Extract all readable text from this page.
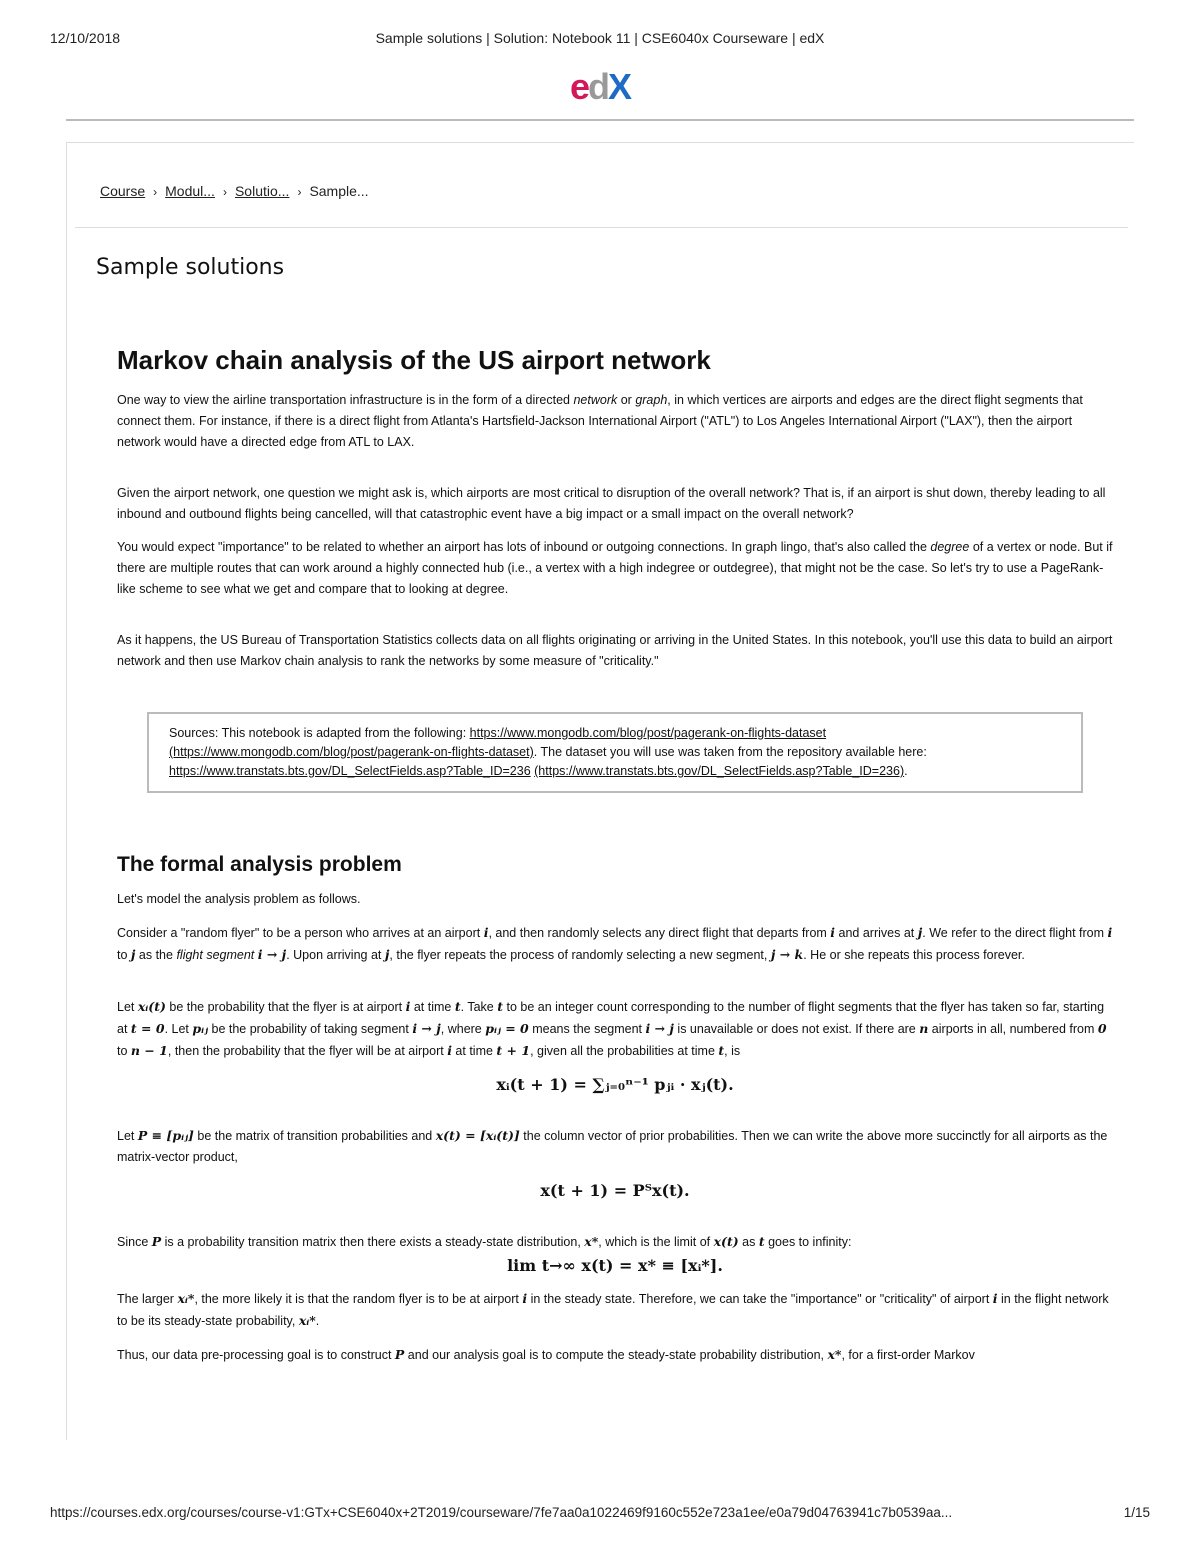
12/10/2018	Sample solutions | Solution: Notebook 11 | CSE6040x Courseware | edX
edX
Course › Modul... › Solutio... › Sample...
Sample solutions
Markov chain analysis of the US airport network

One way to view the airline transportation infrastructure is in the form of a directed network or graph, in which vertices are airports and edges are the direct flight segments that connect them. For instance, if there is a direct flight from Atlanta's Hartsfield-Jackson International Airport ("ATL") to Los Angeles International Airport ("LAX"), then the airport network would have a directed edge from ATL to LAX.

Given the airport network, one question we might ask is, which airports are most critical to disruption of the overall network? That is, if an airport is shut down, thereby leading to all inbound and outbound flights being cancelled, will that catastrophic event have a big impact or a small impact on the overall network?

You would expect "importance" to be related to whether an airport has lots of inbound or outgoing connections. In graph lingo, that's also called the degree of a vertex or node. But if there are multiple routes that can work around a highly connected hub (i.e., a vertex with a high indegree or outdegree), that might not be the case. So let's try to use a PageRank-like scheme to see what we get and compare that to looking at degree.

As it happens, the US Bureau of Transportation Statistics collects data on all flights originating or arriving in the United States. In this notebook, you'll use this data to build an airport network and then use Markov chain analysis to rank the networks by some measure of "criticality."

Sources: This notebook is adapted from the following: https://www.mongodb.com/blog/post/pagerank-on-flights-dataset (https://www.mongodb.com/blog/post/pagerank-on-flights-dataset). The dataset you will use was taken from the repository available here: https://www.transtats.bts.gov/DL_SelectFields.asp?Table_ID=236 (https://www.transtats.bts.gov/DL_SelectFields.asp?Table_ID=236).
The formal analysis problem

Let's model the analysis problem as follows.

Consider a "random flyer" to be a person who arrives at an airport i, and then randomly selects any direct flight that departs from i and arrives at j. We refer to the direct flight from i to j as the flight segment i → j. Upon arriving at j, the flyer repeats the process of randomly selecting a new segment, j → k. He or she repeats this process forever.

Let xᵢ(t) be the probability that the flyer is at airport i at time t. Take t to be an integer count corresponding to the number of flight segments that the flyer has taken so far, starting at t = 0. Let pᵢⱼ be the probability of taking segment i → j, where pᵢⱼ = 0 means the segment i → j is unavailable or does not exist. If there are n airports in all, numbered from 0 to n − 1, then the probability that the flyer will be at airport i at time t + 1, given all the probabilities at time t, is

xᵢ(t + 1) = ∑ⱼ₌₀ⁿ⁻¹ pⱼᵢ · xⱼ(t).

Let P ≡ [pᵢⱼ] be the matrix of transition probabilities and x(t) = [xᵢ(t)] the column vector of prior probabilities. Then we can write the above more succinctly for all airports as the matrix-vector product,

x(t + 1) = Pᵀx(t).

Since P is a probability transition matrix then there exists a steady-state distribution, x*, which is the limit of x(t) as t goes to infinity:

lim t→∞ x(t) = x* ≡ [xᵢ*].

The larger xᵢ*, the more likely it is that the random flyer is to be at airport i in the steady state. Therefore, we can take the "importance" or "criticality" of airport i in the flight network to be its steady-state probability, xᵢ*.

Thus, our data pre-processing goal is to construct P and our analysis goal is to compute the steady-state probability distribution, x*, for a first-order Markov

https://courses.edx.org/courses/course-v1:GTx+CSE6040x+2T2019/courseware/7fe7aa0a1022469f9160c552e723a1ee/e0a79d04763941c7b0539aa...	1/15
